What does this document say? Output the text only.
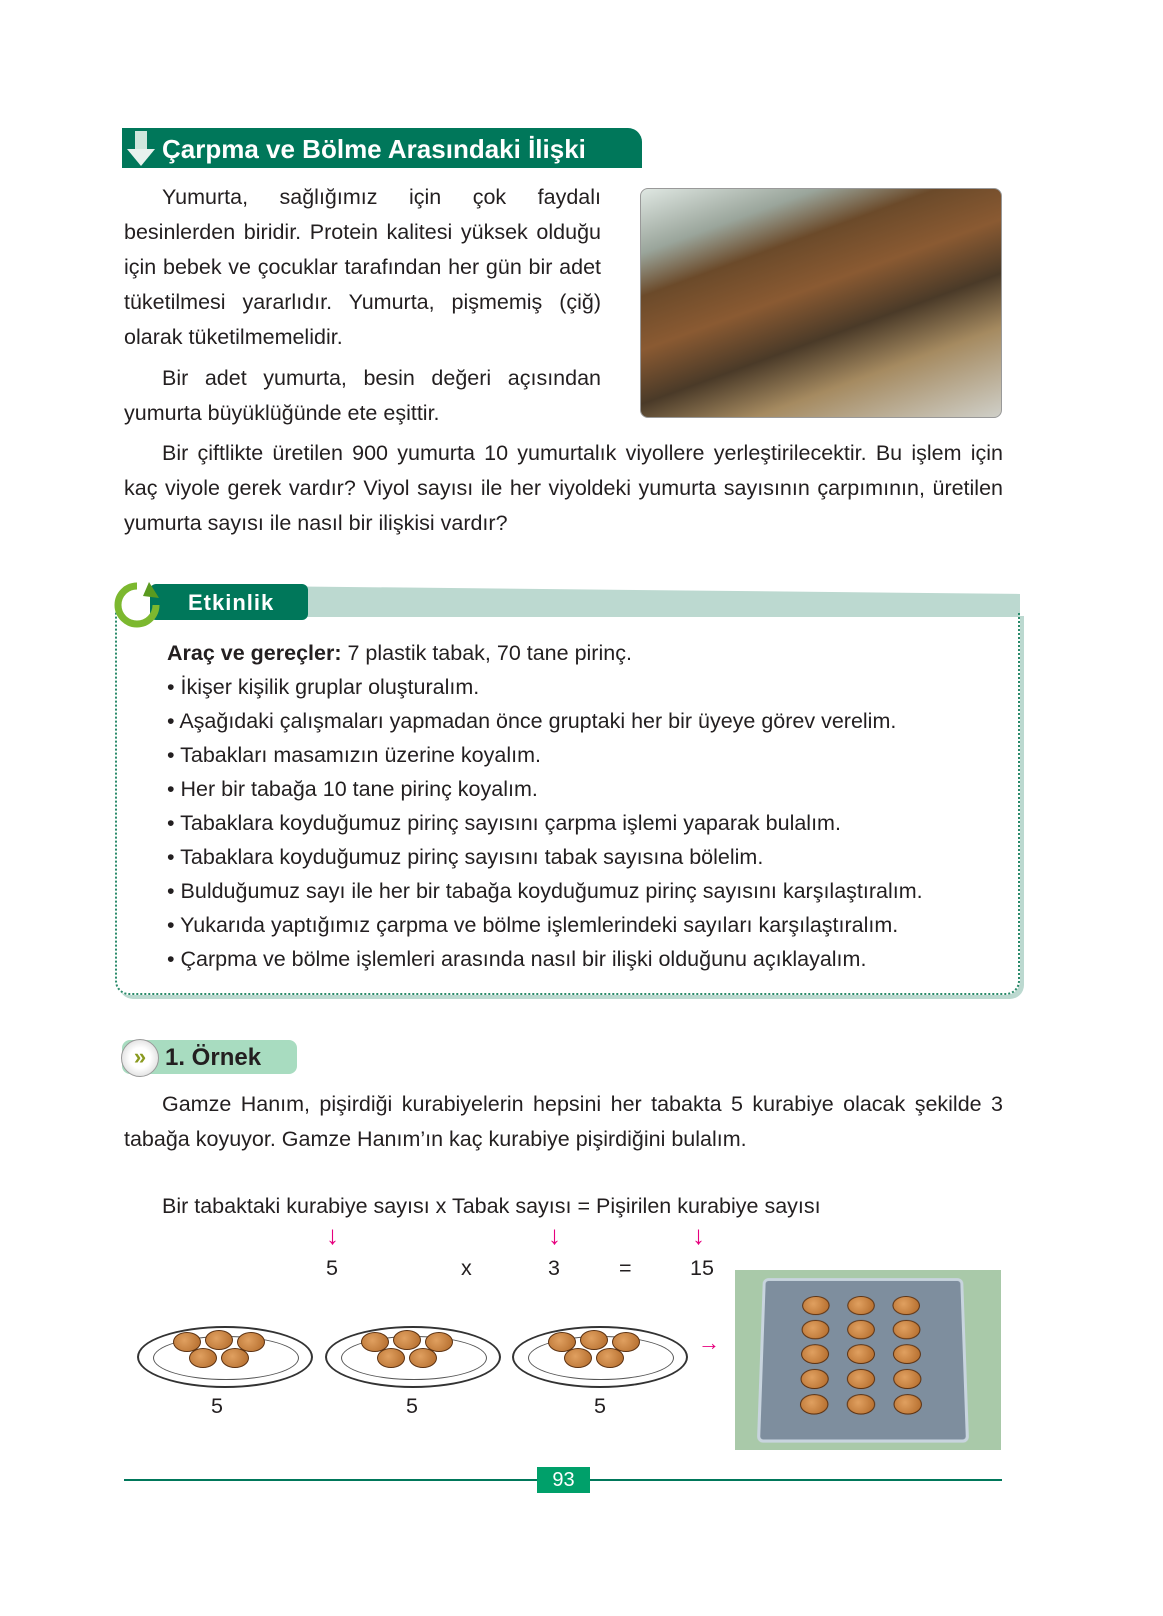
Çarpma ve Bölme Arasındaki İlişki

Yumurta, sağlığımız için çok faydalı besinlerden biridir. Protein kalitesi yüksek olduğu için bebek ve çocuklar tarafından her gün bir adet tüketilmesi yararlıdır. Yumurta, pişmemiş (çiğ) olarak tüketilmemelidir.

Bir adet yumurta, besin değeri açısından yumurta büyüklüğünde ete eşittir.

Bir çiftlikte üretilen 900 yumurta 10 yumurtalık viyollere yerleştirilecektir. Bu işlem için kaç viyole gerek vardır? Viyol sayısı ile her viyoldeki yumurta sayısının çarpımının, üretilen yumurta sayısı ile nasıl bir ilişkisi vardır?

Etkinlik
Araç ve gereçler: 7 plastik tabak, 70 tane pirinç.
• İkişer kişilik gruplar oluşturalım.
• Aşağıdaki çalışmaları yapmadan önce gruptaki her bir üyeye görev verelim.
• Tabakları masamızın üzerine koyalım.
• Her bir tabağa 10 tane pirinç koyalım.
• Tabaklara koyduğumuz pirinç sayısını çarpma işlemi yaparak bulalım.
• Tabaklara koyduğumuz pirinç sayısını tabak sayısına bölelim.
• Bulduğumuz sayı ile her bir tabağa koyduğumuz pirinç sayısını karşılaştıralım.
• Yukarıda yaptığımız çarpma ve bölme işlemlerindeki sayıları karşılaştıralım.
• Çarpma ve bölme işlemleri arasında nasıl bir ilişki olduğunu açıklayalım.
1. Örnek
»

Gamze Hanım, pişirdiği kurabiyelerin hepsini her tabakta 5 kurabiye olacak şekilde 3 tabağa koyuyor. Gamze Hanım’ın kaç kurabiye pişirdiğini bulalım.

Bir tabaktaki kurabiye sayısı x Tabak sayısı = Pişirilen kurabiye sayısı
↓	↓	↓
5	x	3	=	15
5	5	5
→
93
